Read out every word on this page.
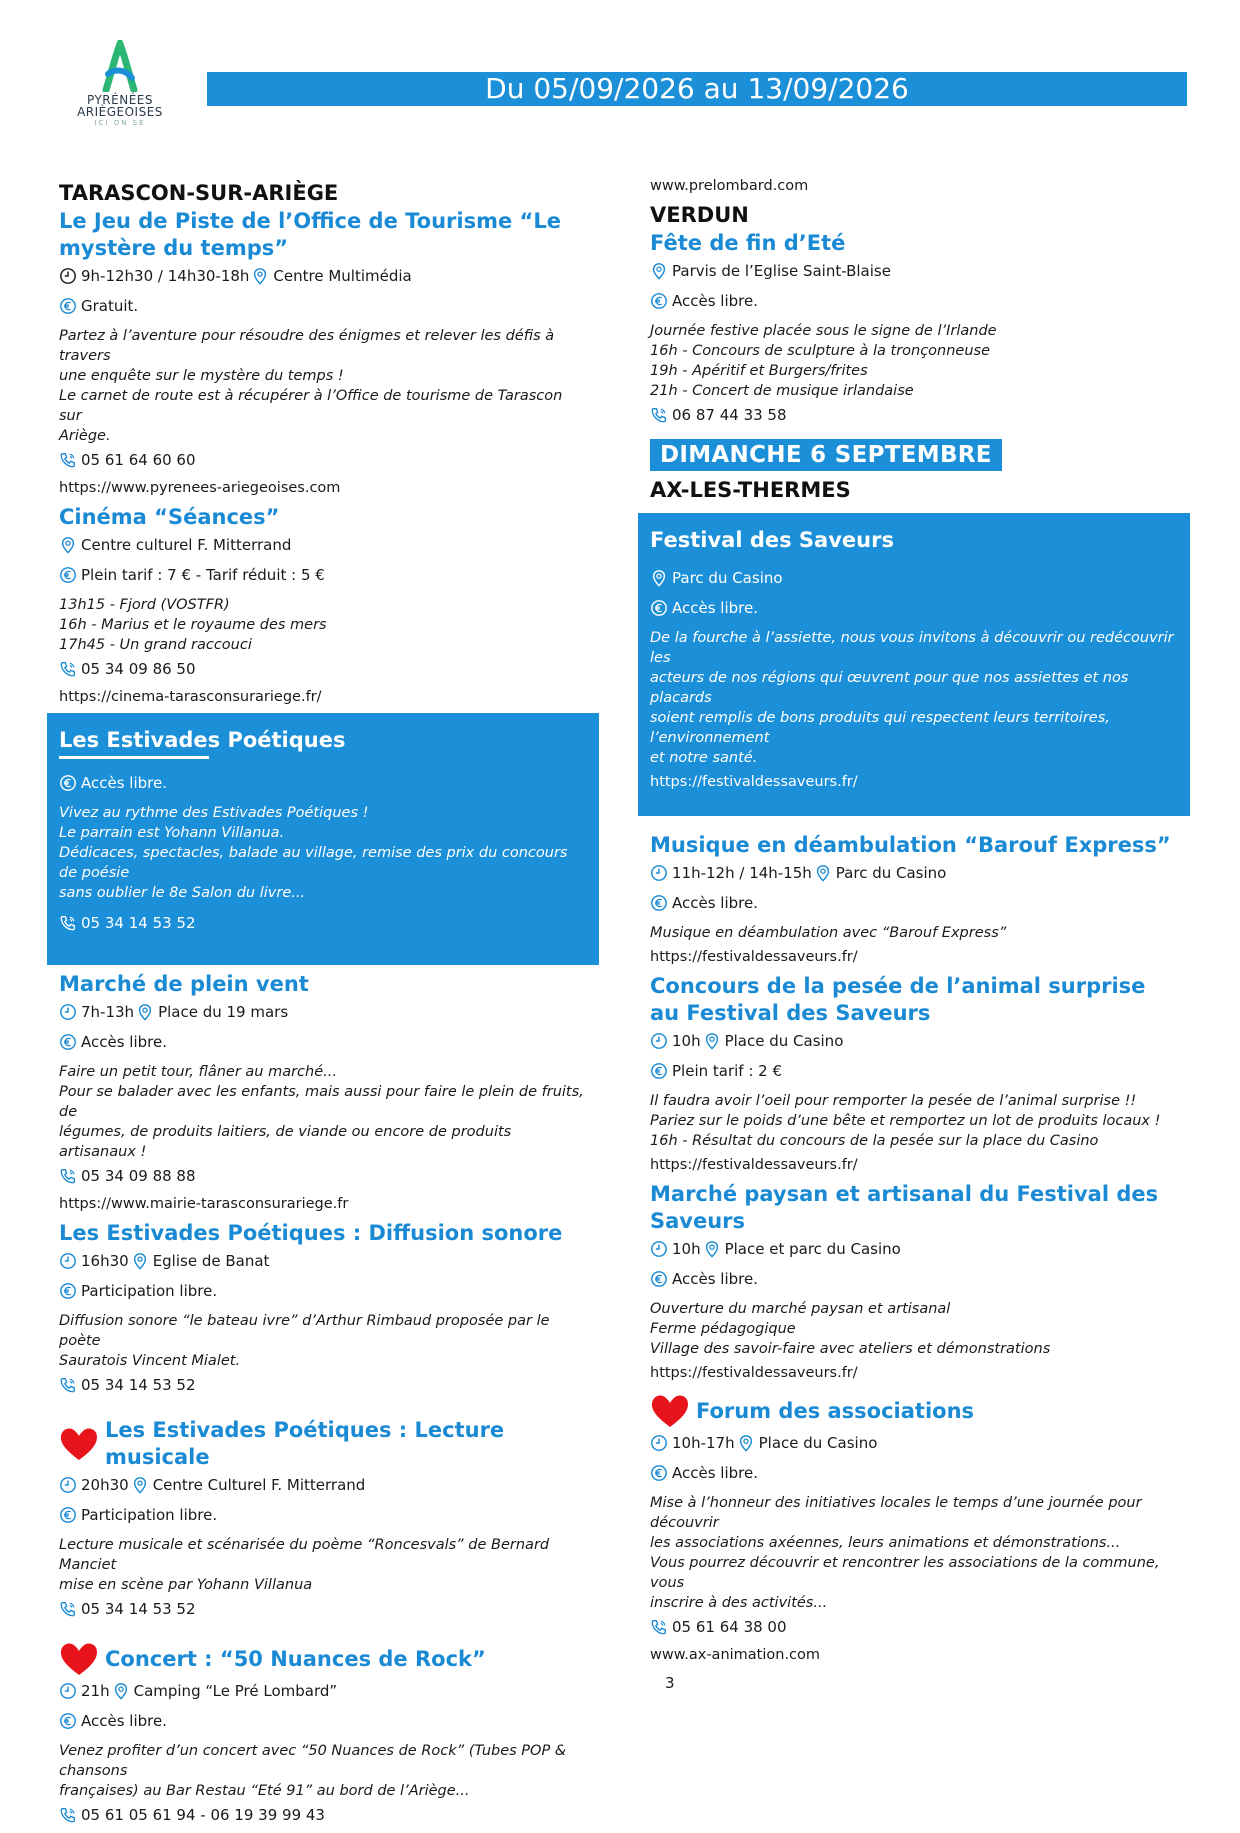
PYRÉNÉES
ARIÈGEOISES
ICI ON SE
Du 05/09/2026 au 13/09/2026
TARASCON-SUR-ARIÈGE
Le Jeu de Piste de l’Office de Tourisme “Le mystère du temps”
9h-12h30 / 14h30-18h Centre Multimédia
Gratuit.
Partez à l’aventure pour résoudre des énigmes et relever les défis à travers
une enquête sur le mystère du temps !
Le carnet de route est à récupérer à l’Office de tourisme de Tarascon sur
Ariège.
05 61 64 60 60
https://www.pyrenees-ariegeoises.com
Cinéma “Séances”
Centre culturel F. Mitterrand
Plein tarif : 7 € - Tarif réduit : 5 €
13h15 - Fjord (VOSTFR)
16h - Marius et le royaume des mers
17h45 - Un grand raccouci
05 34 09 86 50
https://cinema-tarasconsurariege.fr/
Les Estivades Poétiques
Accès libre.
Vivez au rythme des Estivades Poétiques !
Le parrain est Yohann Villanua.
Dédicaces, spectacles, balade au village, remise des prix du concours de poésie
sans oublier le 8e Salon du livre...
05 34 14 53 52
Marché de plein vent
7h-13h Place du 19 mars
Accès libre.
Faire un petit tour, flâner au marché...
Pour se balader avec les enfants, mais aussi pour faire le plein de fruits, de
légumes, de produits laitiers, de viande ou encore de produits artisanaux !
05 34 09 88 88
https://www.mairie-tarasconsurariege.fr
Les Estivades Poétiques : Diffusion sonore
16h30 Eglise de Banat
Participation libre.
Diffusion sonore “le bateau ivre” d’Arthur Rimbaud proposée par le poète
Sauratois Vincent Mialet.
05 34 14 53 52
Les Estivades Poétiques : Lecture musicale
20h30 Centre Culturel F. Mitterrand
Participation libre.
Lecture musicale et scénarisée du poème “Roncesvals” de Bernard Manciet
mise en scène par Yohann Villanua
05 34 14 53 52
Concert : “50 Nuances de Rock”
21h Camping “Le Pré Lombard”
Accès libre.
Venez profiter d’un concert avec “50 Nuances de Rock” (Tubes POP & chansons
françaises) au Bar Restau “Eté 91” au bord de l’Ariège...
05 61 05 61 94 - 06 19 39 99 43
www.prelombard.com
VERDUN
Fête de fin d’Eté
Parvis de l’Eglise Saint-Blaise
Accès libre.
Journée festive placée sous le signe de l’Irlande
16h - Concours de sculpture à la tronçonneuse
19h - Apéritif et Burgers/frites
21h - Concert de musique irlandaise
06 87 44 33 58
DIMANCHE 6 SEPTEMBRE
AX-LES-THERMES
Festival des Saveurs
Parc du Casino
Accès libre.
De la fourche à l’assiette, nous vous invitons à découvrir ou redécouvrir les
acteurs de nos régions qui œuvrent pour que nos assiettes et nos placards
soient remplis de bons produits qui respectent leurs territoires, l’environnement
et notre santé.
https://festivaldessaveurs.fr/
Musique en déambulation “Barouf Express”
11h-12h / 14h-15h Parc du Casino
Accès libre.
Musique en déambulation avec “Barouf Express”
https://festivaldessaveurs.fr/
Concours de la pesée de l’animal surprise au Festival des Saveurs
10h Place du Casino
Plein tarif : 2 €
Il faudra avoir l’oeil pour remporter la pesée de l’animal surprise !!
Pariez sur le poids d’une bête et remportez un lot de produits locaux !
16h - Résultat du concours de la pesée sur la place du Casino
https://festivaldessaveurs.fr/
Marché paysan et artisanal du Festival des Saveurs
10h Place et parc du Casino
Accès libre.
Ouverture du marché paysan et artisanal
Ferme pédagogique
Village des savoir-faire avec ateliers et démonstrations
https://festivaldessaveurs.fr/
Forum des associations
10h-17h Place du Casino
Accès libre.
Mise à l’honneur des initiatives locales le temps d’une journée pour découvrir
les associations axéennes, leurs animations et démonstrations...
Vous pourrez découvrir et rencontrer les associations de la commune, vous
inscrire à des activités...
05 61 64 38 00
www.ax-animation.com
3
